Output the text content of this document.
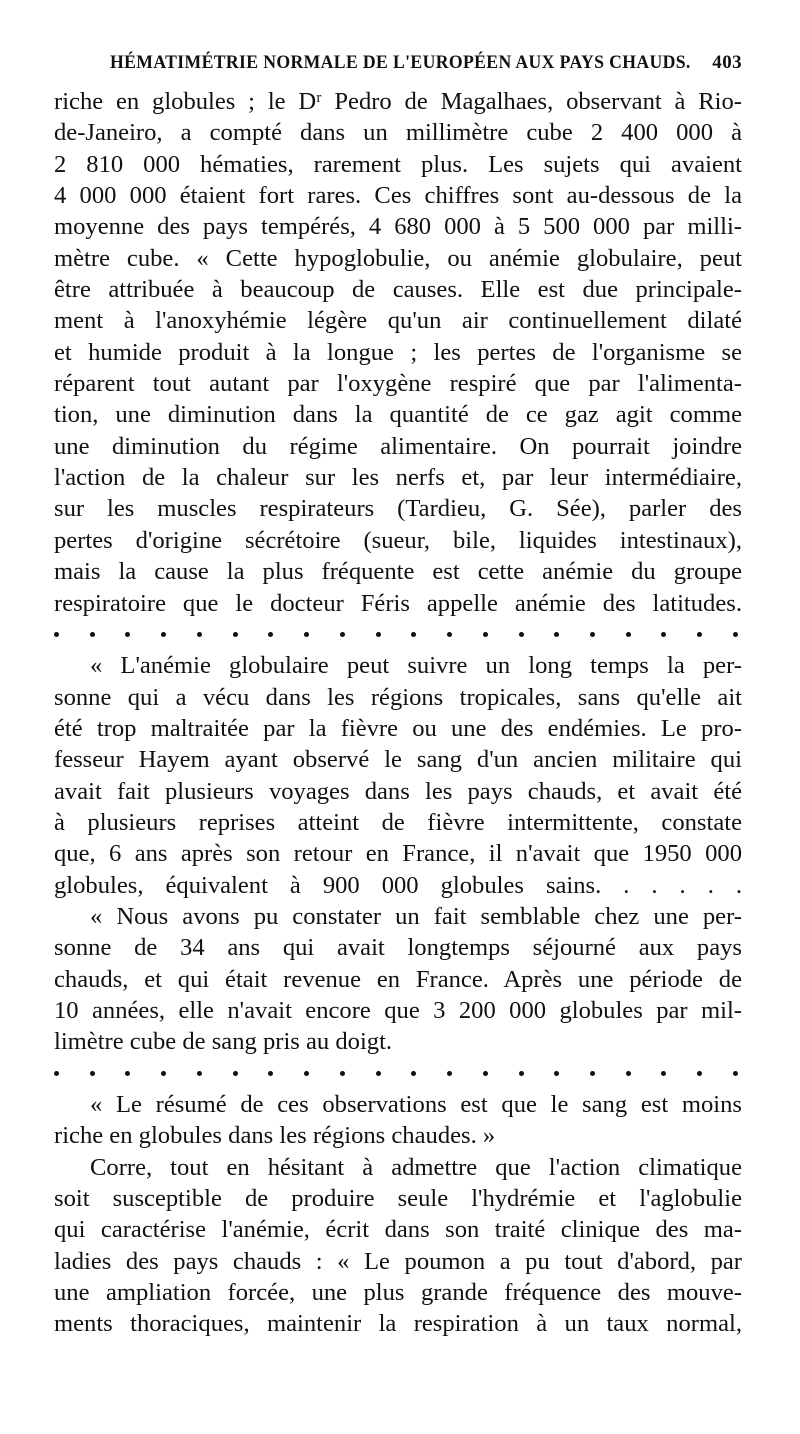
HÉMATIMÉTRIE NORMALE DE L'EUROPÉEN AUX PAYS CHAUDS. 403
riche en globules ; le Dʳ Pedro de Magalhaes, observant à Rio-
de-Janeiro, a compté dans un millimètre cube 2 400 000 à
2 810 000 hématies, rarement plus. Les sujets qui avaient
4 000 000 étaient fort rares. Ces chiffres sont au-dessous de la
moyenne des pays tempérés, 4 680 000 à 5 500 000 par milli-
mètre cube. « Cette hypoglobulie, ou anémie globulaire, peut
être attribuée à beaucoup de causes. Elle est due principale-
ment à l'anoxyhémie légère qu'un air continuellement dilaté
et humide produit à la longue ; les pertes de l'organisme se
réparent tout autant par l'oxygène respiré que par l'alimenta-
tion, une diminution dans la quantité de ce gaz agit comme
une diminution du régime alimentaire. On pourrait joindre
l'action de la chaleur sur les nerfs et, par leur intermédiaire,
sur les muscles respirateurs (Tardieu, G. Sée), parler des
pertes d'origine sécrétoire (sueur, bile, liquides intestinaux),
mais la cause la plus fréquente est cette anémie du groupe
respiratoire que le docteur Féris appelle anémie des latitudes.
« L'anémie globulaire peut suivre un long temps la per-
sonne qui a vécu dans les régions tropicales, sans qu'elle ait
été trop maltraitée par la fièvre ou une des endémies. Le pro-
fesseur Hayem ayant observé le sang d'un ancien militaire qui
avait fait plusieurs voyages dans les pays chauds, et avait été
à plusieurs reprises atteint de fièvre intermittente, constate
que, 6 ans après son retour en France, il n'avait que 1950 000
globules, équivalent à 900 000 globules sains. . . . . .
« Nous avons pu constater un fait semblable chez une per-
sonne de 34 ans qui avait longtemps séjourné aux pays
chauds, et qui était revenue en France. Après une période de
10 années, elle n'avait encore que 3 200 000 globules par mil-
limètre cube de sang pris au doigt.
« Le résumé de ces observations est que le sang est moins
riche en globules dans les régions chaudes. »
Corre, tout en hésitant à admettre que l'action climatique
soit susceptible de produire seule l'hydrémie et l'aglobulie
qui caractérise l'anémie, écrit dans son traité clinique des ma-
ladies des pays chauds : « Le poumon a pu tout d'abord, par
une ampliation forcée, une plus grande fréquence des mouve-
ments thoraciques, maintenir la respiration à un taux normal,
